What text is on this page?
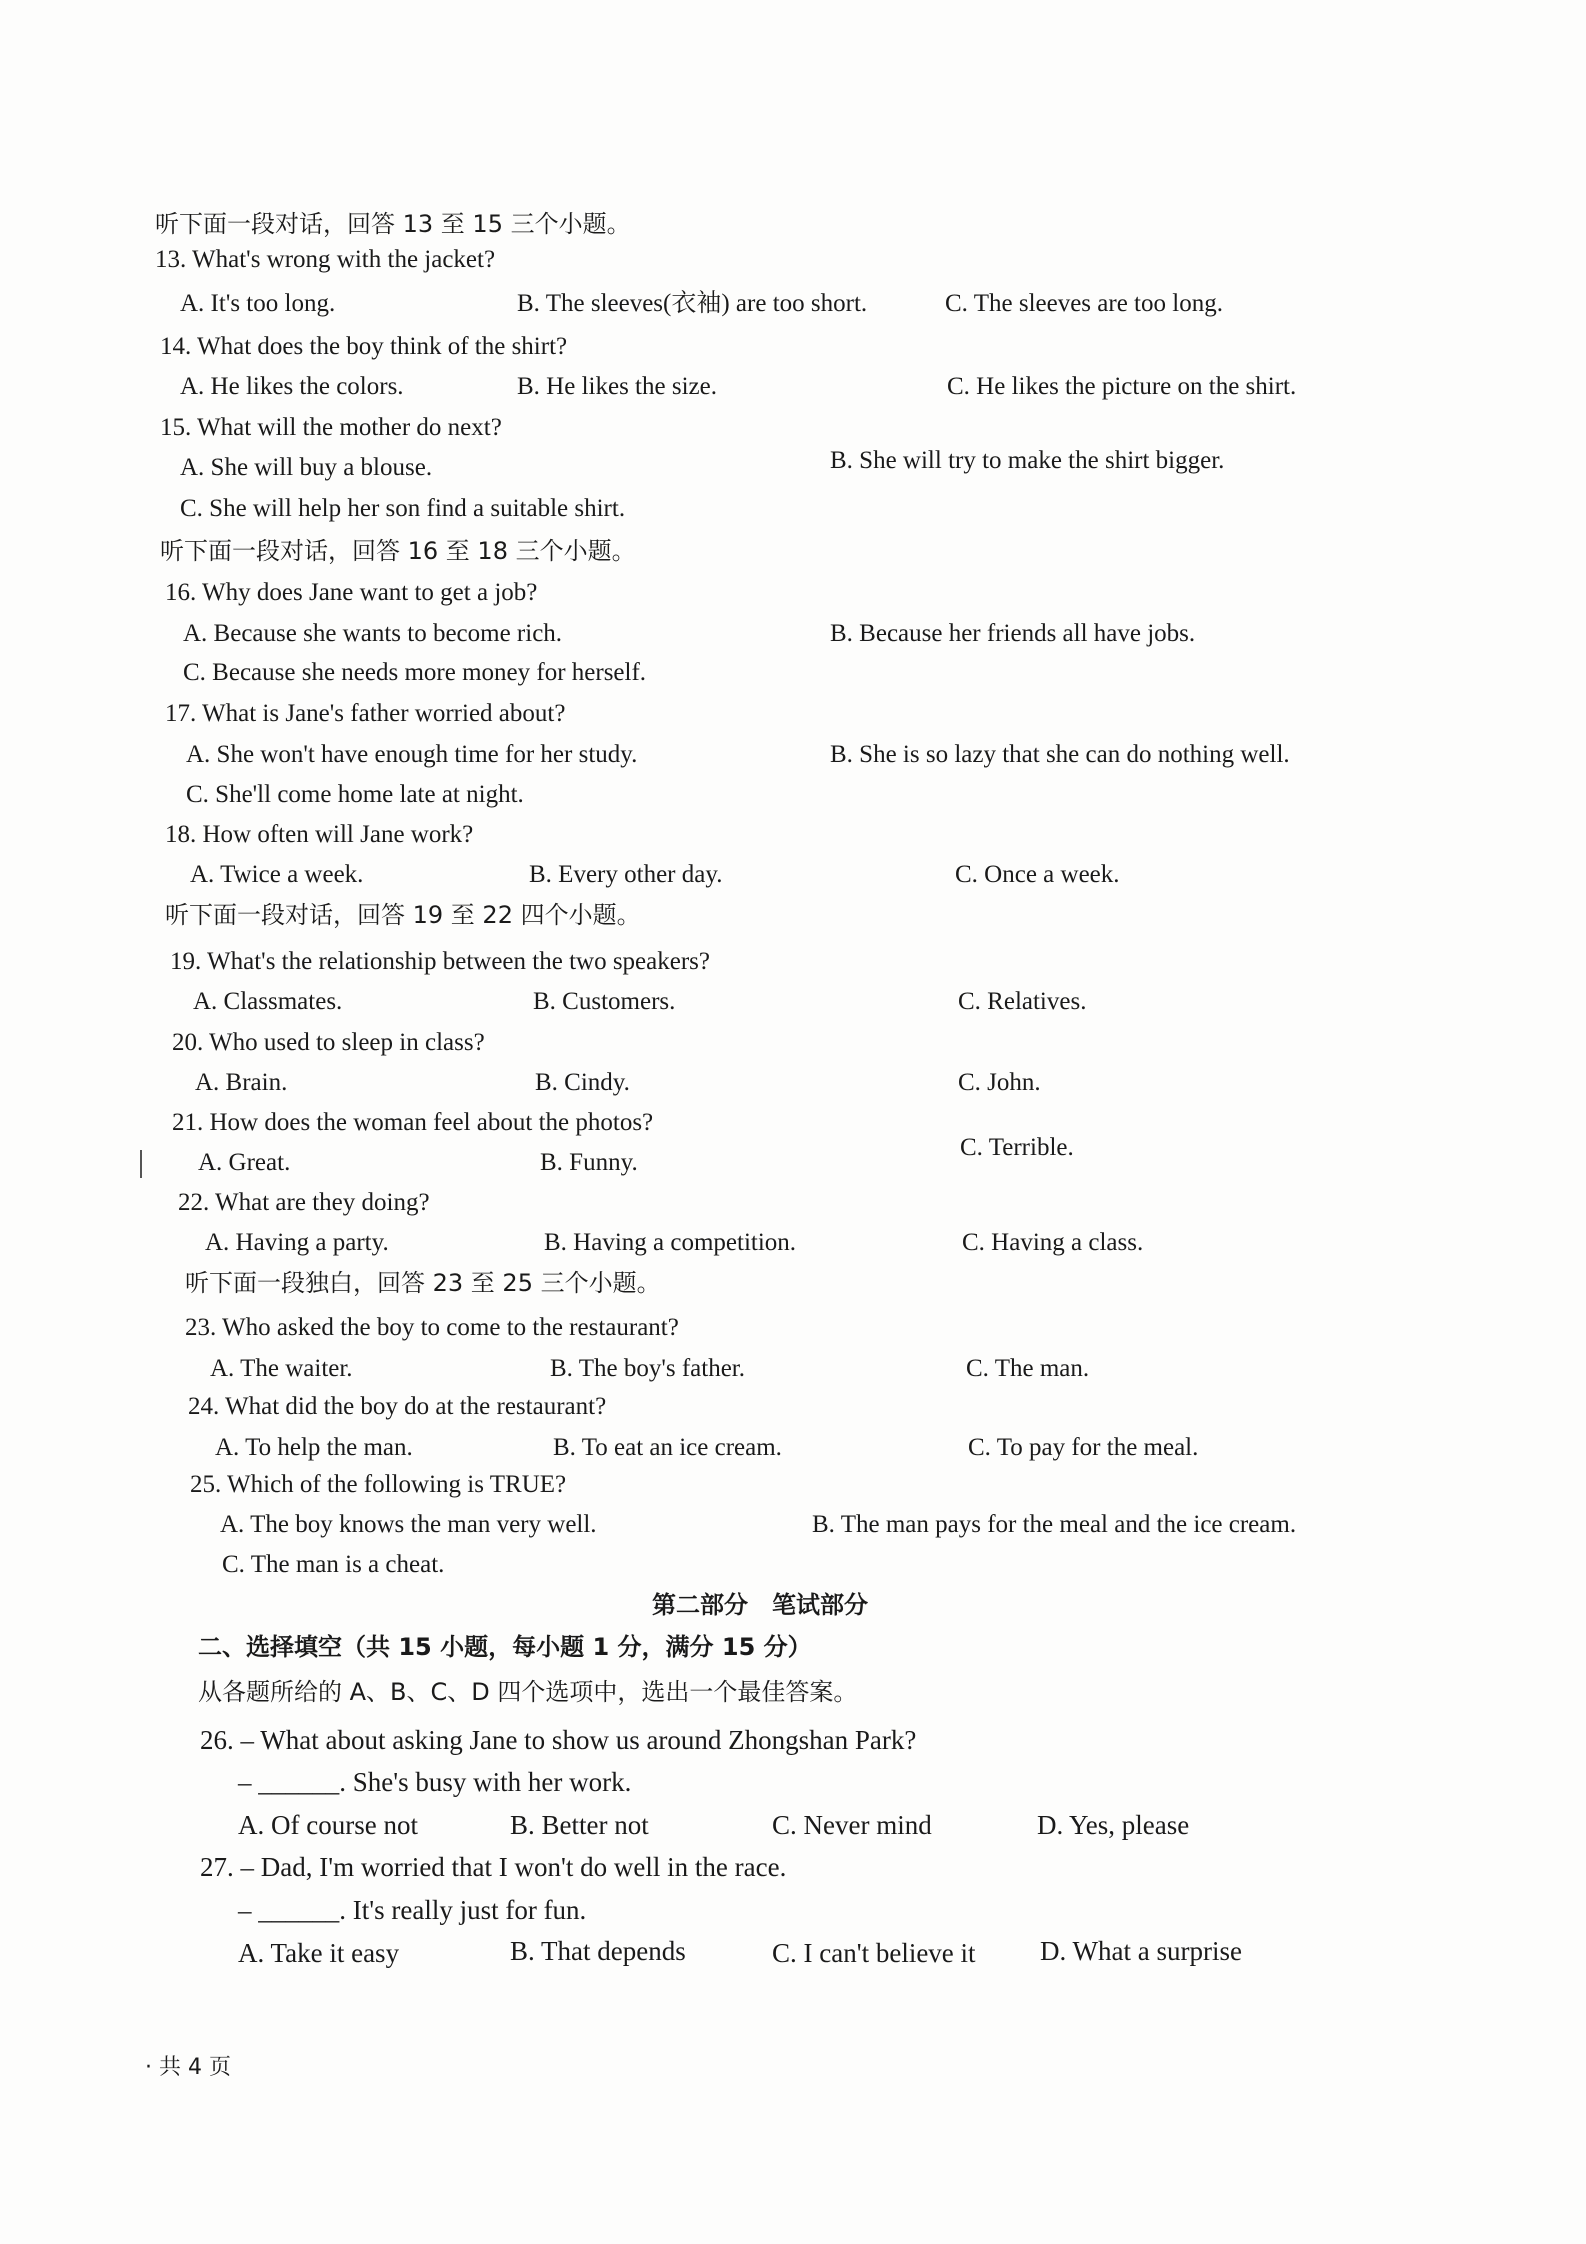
听下面一段对话，回答 13 至 15 三个小题。
13. What's wrong with the jacket?
A. It's too long.	B. The sleeves(衣袖) are too short.	C. The sleeves are too long.
14. What does the boy think of the shirt?
A. He likes the colors.	B. He likes the size.	C. He likes the picture on the shirt.
15. What will the mother do next?
A. She will buy a blouse.	B. She will try to make the shirt bigger.
C. She will help her son find a suitable shirt.
听下面一段对话，回答 16 至 18 三个小题。
16. Why does Jane want to get a job?
A. Because she wants to become rich.	B. Because her friends all have jobs.
C. Because she needs more money for herself.
17. What is Jane's father worried about?
A. She won't have enough time for her study.	B. She is so lazy that she can do nothing well.
C. She'll come home late at night.
18. How often will Jane work?
A. Twice a week.	B. Every other day.	C. Once a week.
听下面一段对话，回答 19 至 22 四个小题。
19. What's the relationship between the two speakers?
A. Classmates.	B. Customers.	C. Relatives.
20. Who used to sleep in class?
A. Brain.	B. Cindy.	C. John.
21. How does the woman feel about the photos?
A. Great.	B. Funny.
C. Terrible.
22. What are they doing?
A. Having a party.	B. Having a competition.	C. Having a class.
听下面一段独白，回答 23 至 25 三个小题。
23. Who asked the boy to come to the restaurant?
A. The waiter.	B. The boy's father.	C. The man.
24. What did the boy do at the restaurant?
A. To help the man.	B. To eat an ice cream.	C. To pay for the meal.
25. Which of the following is TRUE?
A. The boy knows the man very well.	B. The man pays for the meal and the ice cream.
C. The man is a cheat.
第二部分　笔试部分
二、选择填空（共 15 小题，每小题 1 分，满分 15 分）
从各题所给的 A、B、C、D 四个选项中，选出一个最佳答案。
26. – What about asking Jane to show us around Zhongshan Park?
– ______. She's busy with her work.
A. Of course not	B. Better not	C. Never mind	D. Yes, please
27. – Dad, I'm worried that I won't do well in the race.
– ______. It's really just for fun.
A. Take it easy	B. That depends	C. I can't believe it D. What a surprise
· 共 4 页
